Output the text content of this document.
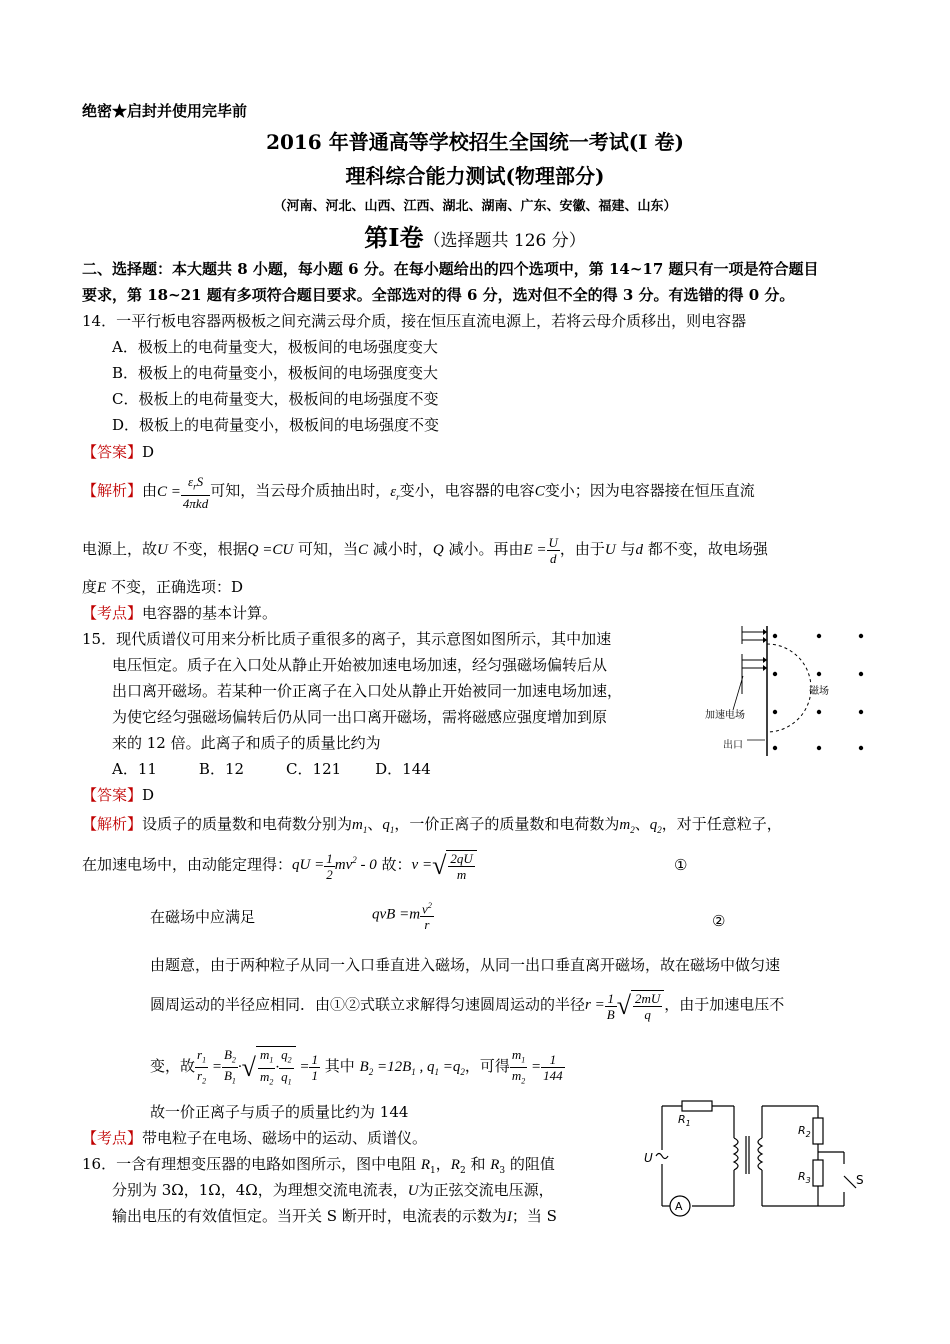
绝密★启封并使用完毕前
2016 年普通高等学校招生全国统一考试(Ⅰ 卷)
理科综合能力测试(物理部分)
（河南、河北、山西、江西、湖北、湖南、广东、安徽、福建、山东）
第Ⅰ卷（选择题共 126 分）
二、选择题：本大题共 8 小题，每小题 6 分。在每小题给出的四个选项中，第 14~17 题只有一项是符合题目
要求，第 18~21 题有多项符合题目要求。全部选对的得 6 分，选对但不全的得 3 分。有选错的得 0 分。
14．一平行板电容器两极板之间充满云母介质，接在恒压直流电源上，若将云母介质移出，则电容器
A．极板上的电荷量变大，极板间的电场强度变大
B．极板上的电荷量变小，极板间的电场强度变大
C．极板上的电荷量变大，极板间的电场强度不变
D．极板上的电荷量变小，极板间的电场强度不变
【答案】D
【解析】由$C = \frac{\varepsilon_rS}{\text{4πkd}}$ 可知，当云母介质抽出时，$\varepsilon_r$变小，电容器的电容C变小；因为电容器接在恒压直流
电源上，故U 不变，根据Q =CU 可知，当C 减小时，Q 减小。再由$E = \frac{U}{d}$ ，由于U 与d 都不变，故电场强
度E 不变，正确选项：D
【考点】电容器的基本计算。
15．现代质谱仪可用来分析比质子重很多的离子，其示意图如图所示，其中加速
电压恒定。质子在入口处从静止开始被加速电场加速，经匀强磁场偏转后从
出口离开磁场。若某种一价正离子在入口处从静止开始被同一加速电场加速，
为使它经匀强磁场偏转后仍从同一出口离开磁场，需将磁感应强度增加到原
来的 12 倍。此离子和质子的质量比约为
A．11	B．12	C．121 D．144
磁场
加速电场
出口
【答案】D
【解析】设质子的质量数和电荷数分别为$m_1$、$q_1$，一价正离子的质量数和电荷数为$m_2$、$q_2$，对于任意粒子，
在加速电场中，由动能定理得：qU = $\frac{1}{2} mv^2 - 0$ 故：v =√ $\frac{2qU}{m}$	①
在磁场中应满足	qvB $=m \frac{v^2}{r}$	②
由题意，由于两种粒子从同一入口垂直进入磁场，从同一出口垂直离开磁场，故在磁场中做匀速
圆周运动的半径应相同．由①②式联立求解得匀速圆周运动的半径$r = \frac{1}{B}$ √ $\frac{2mU}{q}$ ，由于加速电压不
变，故 $\frac{r_1}{r_2} = \frac{B_2}{B_1}$ ·√ $\frac{m_1}{m_2} \cdot \frac{q_2}{q_1} = \frac{1}{1}$ 其中 $B_2 =12B_1$ , $q_1 =q_2$，可得 $\frac{m_1}{m_2} = \frac{1}{144}$
故一价正离子与质子的质量比约为 144
【考点】带电粒子在电场、磁场中的运动、质谱仪。
16．一含有理想变压器的电路如图所示，图中电阻 $R_1$，$R_2$ 和 $R_3$ 的阻值
分别为 3Ω，1Ω，4Ω，为理想交流电流表，U为正弦交流电压源，
输出电压的有效值恒定。当开关 S 断开时，电流表的示数为I；当 S
$R_1$
$R_2$
$R_3$
U
S
A
